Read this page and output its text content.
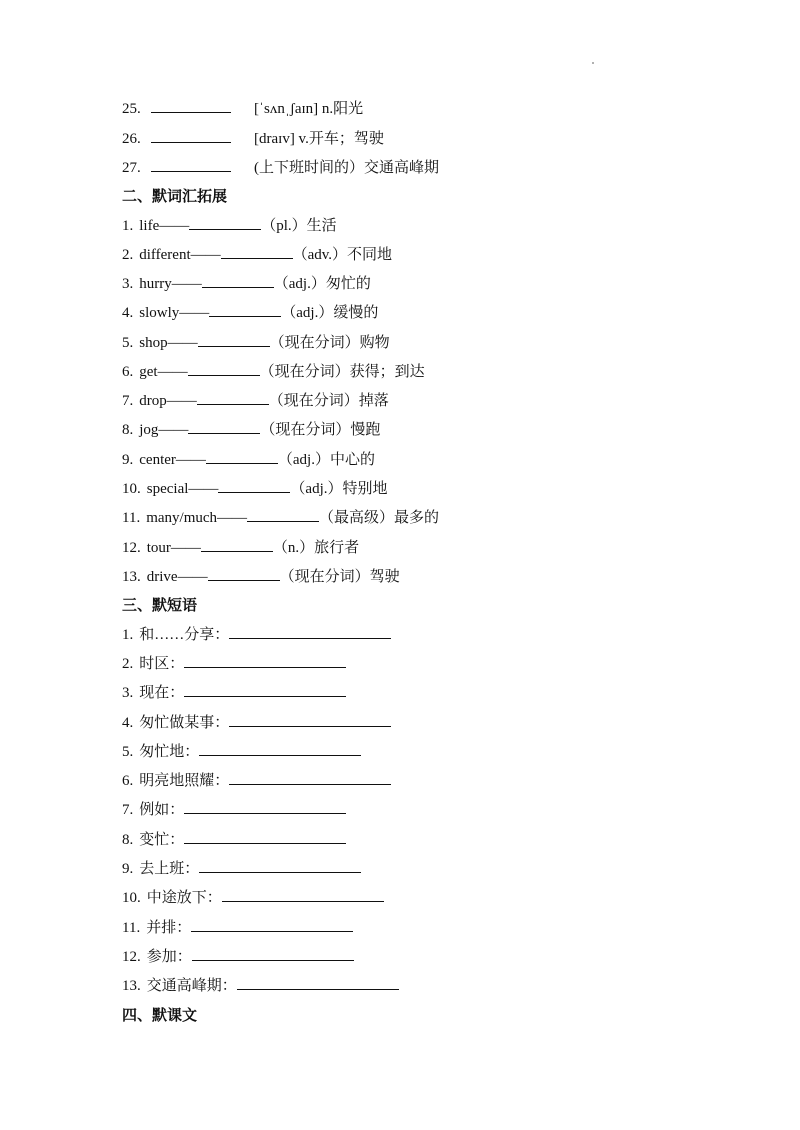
25.	[ˈsʌnˌʃaɪn] n.阳光
26.	[draɪv] v.开车；驾驶
27.	(上下班时间的）交通高峰期
二、默词汇拓展
1. life——	（pl.）生活
2. different——	（adv.）不同地
3. hurry——	（adj.）匆忙的
4. slowly——	（adj.）缓慢的
5. shop——	（现在分词）购物
6. get——	（现在分词）获得；到达
7. drop——	（现在分词）掉落
8. jog——	（现在分词）慢跑
9. center——	（adj.）中心的
10. special——	（adj.）特别地
11. many/much——	（最高级）最多的
12. tour——	（n.）旅行者
13. drive——	（现在分词）驾驶
三、默短语
1. 和……分享：
2. 时区：
3. 现在：
4. 匆忙做某事：
5. 匆忙地：
6. 明亮地照耀：
7. 例如：
8. 变忙：
9. 去上班：
10. 中途放下：
11. 并排：
12. 参加：
13. 交通高峰期：
四、默课文
